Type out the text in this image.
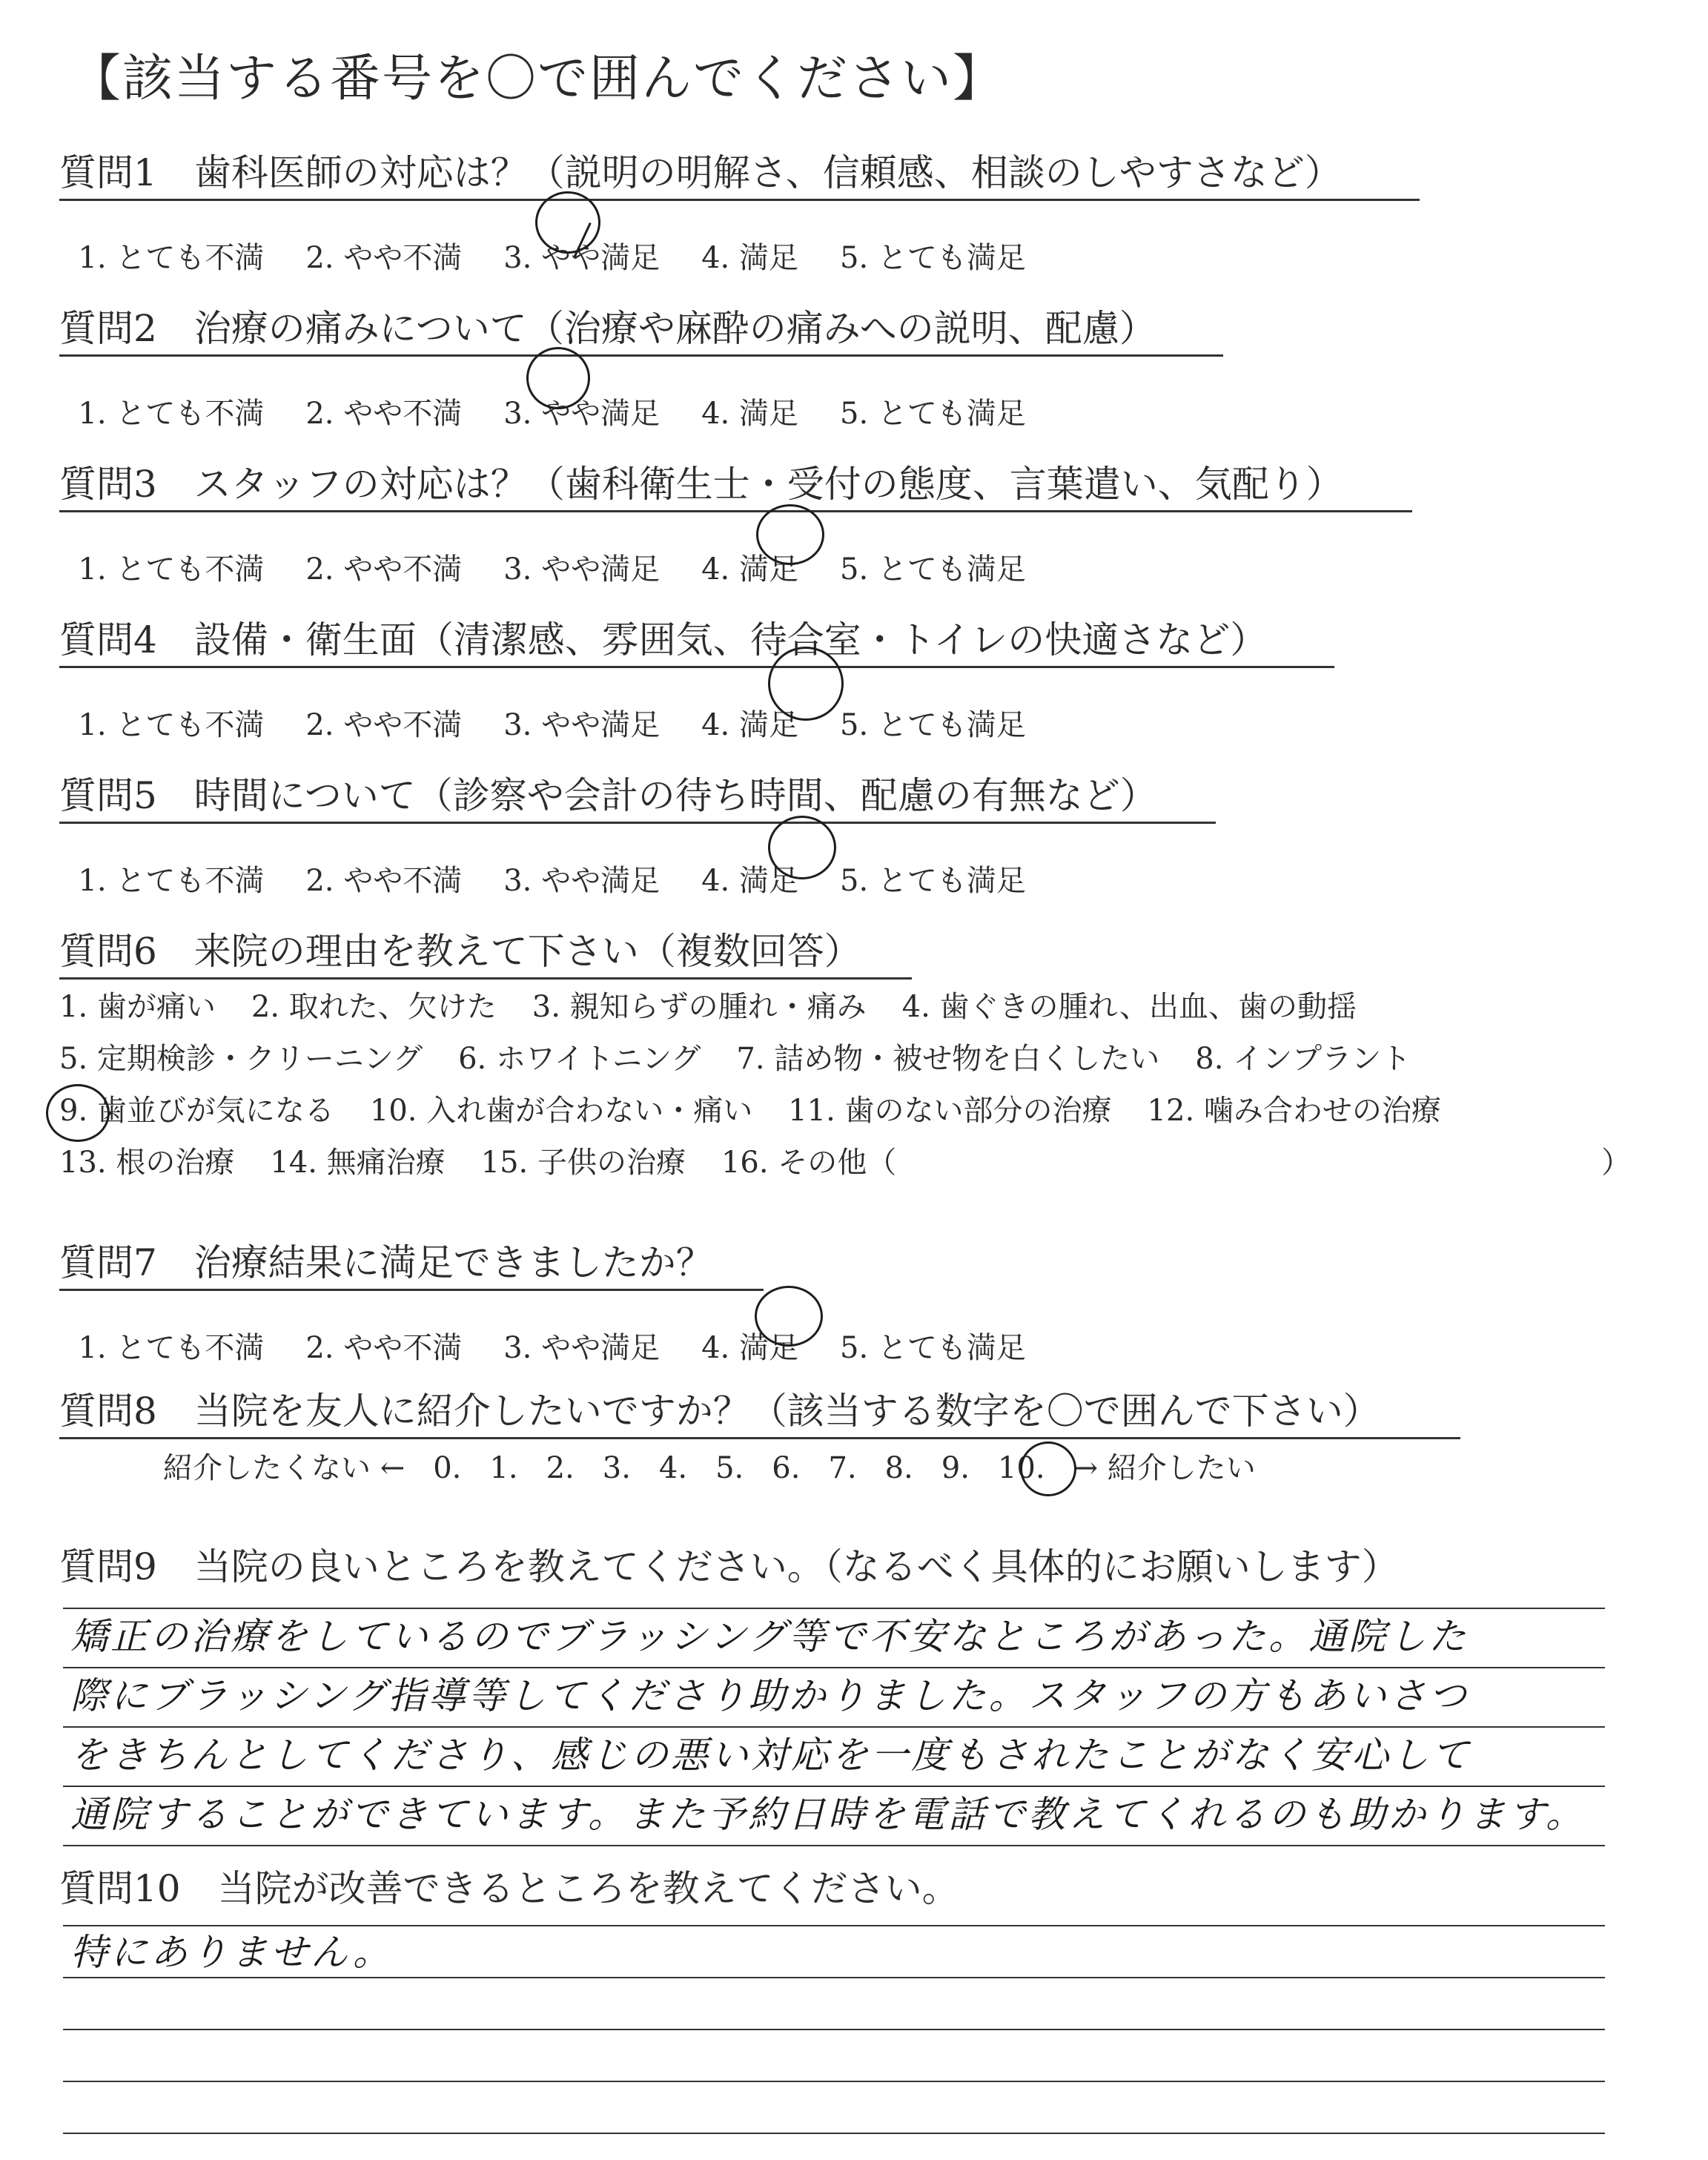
【該当する番号を〇で囲んでください】
質問1　歯科医師の対応は？（説明の明解さ、信頼感、相談のしやすさなど）

1. とても不満 2. やや不満 3. やや満足 4. 満足 5. とても満足

質問2　治療の痛みについて（治療や麻酔の痛みへの説明、配慮）

1. とても不満 2. やや不満 3. やや満足 4. 満足 5. とても満足

質問3　スタッフの対応は？（歯科衛生士・受付の態度、言葉遣い、気配り）

1. とても不満 2. やや不満 3. やや満足 4. 満足 5. とても満足

質問4　設備・衛生面（清潔感、雰囲気、待合室・トイレの快適さなど）

1. とても不満 2. やや不満 3. やや満足 4. 満足 5. とても満足

質問5　時間について（診察や会計の待ち時間、配慮の有無など）

1. とても不満 2. やや不満 3. やや満足 4. 満足 5. とても満足

質問6　来院の理由を教えて下さい（複数回答）
1. 歯が痛い 2. 取れた、欠けた 3. 親知らずの腫れ・痛み 4. 歯ぐきの腫れ、出血、歯の動揺
5. 定期検診・クリーニング 6. ホワイトニング 7. 詰め物・被せ物を白くしたい 8. インプラント
9. 歯並びが気になる 10. 入れ歯が合わない・痛い 11. 歯のない部分の治療 12. 噛み合わせの治療
13. 根の治療 14. 無痛治療 15. 子供の治療 16. その他（	）
質問7　治療結果に満足できましたか？

1. とても不満 2. やや不満 3. やや満足 4. 満足 5. とても満足

質問8　当院を友人に紹介したいですか？（該当する数字を〇で囲んで下さい）
紹介したくない ← 0. 1. 2. 3. 4. 5. 6. 7. 8. 9. 10. → 紹介したい
質問9　当院の良いところを教えてください。（なるべく具体的にお願いします）
矯正の治療をしているのでブラッシング等で不安なところがあった。通院した
際にブラッシング指導等してくださり助かりました。スタッフの方もあいさつ
をきちんとしてくださり、感じの悪い対応を一度もされたことがなく安心して
通院することができています。また予約日時を電話で教えてくれるのも助かります。
質問10　当院が改善できるところを教えてください。
特にありません。
